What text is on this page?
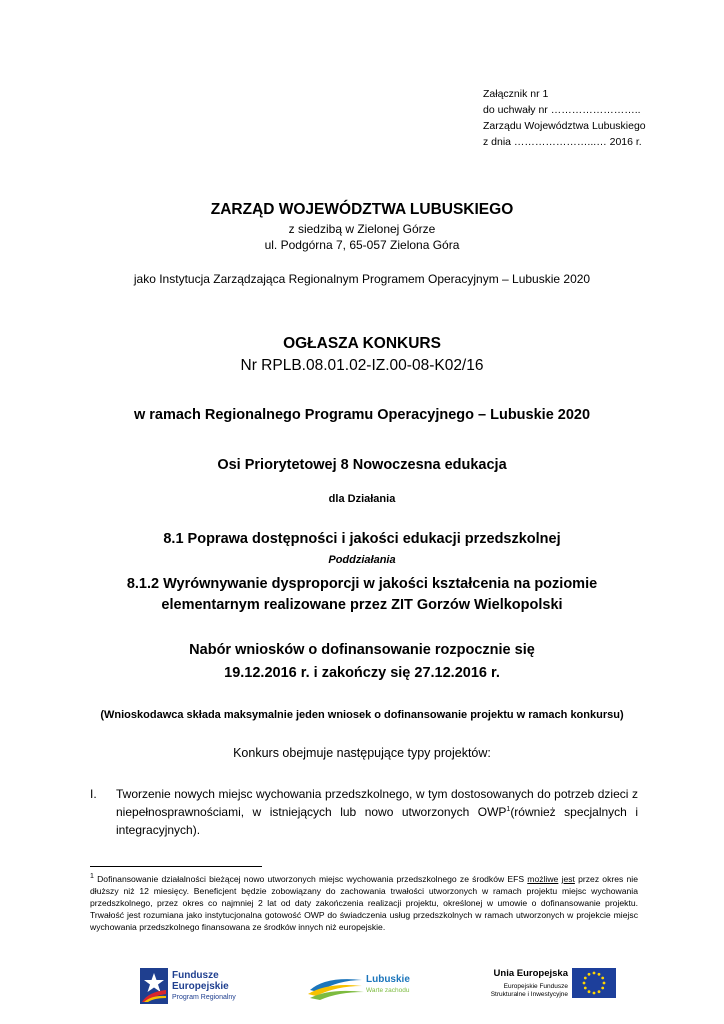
Załącznik nr 1
do uchwały nr ……………………..
Zarządu Województwa Lubuskiego
z dnia …………………...… 2016 r.
ZARZĄD WOJEWÓDZTWA LUBUSKIEGO
z siedzibą w Zielonej Górze
ul. Podgórna 7, 65-057 Zielona Góra
jako Instytucja Zarządzająca Regionalnym Programem Operacyjnym – Lubuskie 2020
OGŁASZA KONKURS
Nr RPLB.08.01.02-IZ.00-08-K02/16
w ramach Regionalnego Programu Operacyjnego – Lubuskie 2020
Osi Priorytetowej 8 Nowoczesna edukacja
dla Działania
8.1 Poprawa dostępności i jakości edukacji przedszkolnej
Poddziałania
8.1.2 Wyrównywanie dysproporcji w jakości kształcenia na poziomie
elementarnym realizowane przez ZIT Gorzów Wielkopolski
Nabór wniosków o dofinansowanie rozpocznie się
19.12.2016 r. i zakończy się 27.12.2016 r.
(Wnioskodawca składa maksymalnie jeden wniosek o dofinansowanie projektu w ramach konkursu)
Konkurs obejmuje następujące typy projektów:
I. Tworzenie nowych miejsc wychowania przedszkolnego, w tym dostosowanych do potrzeb dzieci z niepełnosprawnościami, w istniejących lub nowo utworzonych OWP$^1$(również specjalnych i integracyjnych).
$^1$ Dofinansowanie działalności bieżącej nowo utworzonych miejsc wychowania przedszkolnego ze środków EFS możliwe jest przez okres nie dłuższy niż 12 miesięcy. Beneficjent będzie zobowiązany do zachowania trwałości utworzonych w ramach projektu miejsc wychowania przedszkolnego, przez okres co najmniej 2 lat od daty zakończenia realizacji projektu, określonej w umowie o dofinansowanie projektu. Trwałość jest rozumiana jako instytucjonalna gotowość OWP do świadczenia usług przedszkolnych w ramach utworzonych w projekcie miejsc wychowania przedszkolnego finansowana ze środków innych niż europejskie.
Fundusze
Europejskie
Program Regionalny
Lubuskie
Warte zachodu
Unia Europejska
Europejskie Fundusze
Strukturalne i Inwestycyjne
